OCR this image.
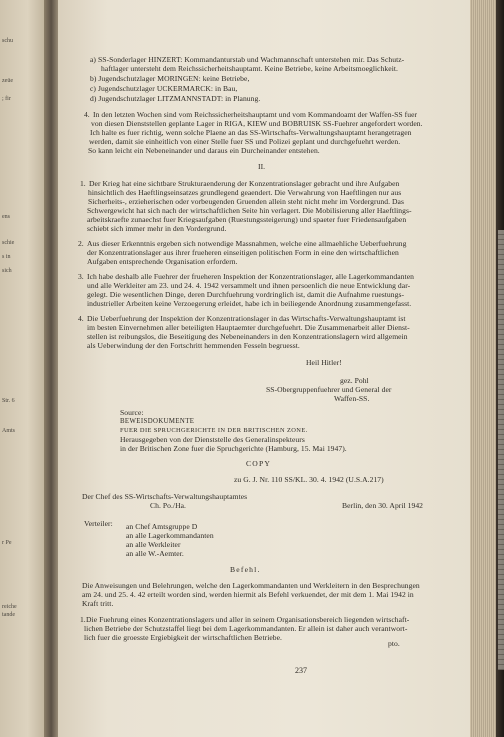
schu
zeüe
; fir
ens
schie
s in
sich
Str. 6
Amts
r Pe
reiche
tande
a) SS-Sonderlager HINZERT: Kommandanturstab und Wachmannschaft unterstehen mir. Das Schutz-
haftlager untersteht dem Reichssicherheitshauptamt. Keine Betriebe, keine Arbeitsmoeglichkeit.
b) Jugendschutzlager MORINGEN: keine Betriebe,
c) Jugendschutzlager UCKERMARCK: in Bau,
d) Jugendschutzlager LITZMANNSTADT: in Planung.
4. In den letzten Wochen sind vom Reichssicherheitshauptamt und vom Kommandoamt der Waffen-SS fuer
von diesen Dienststellen geplante Lager in RIGA, KIEW und BOBRUISK SS-Fuehrer angefordert worden.
Ich halte es fuer richtig, wenn solche Plaene an das SS-Wirtschafts-Verwaltungshauptamt herangetragen
werden, damit sie einheitlich von einer Stelle fuer SS und Polizei geplant und durchgefuehrt werden.
So kann leicht ein Nebeneinander und daraus ein Durcheinander entstehen.
II.
1. Der Krieg hat eine sichtbare Strukturaenderung der Konzentrationslager gebracht und ihre Aufgaben
hinsichtlich des Haeftlingseinsatzes grundlegend geaendert. Die Verwahrung von Haeftlingen nur aus
Sicherheits-, erzieherischen oder vorbeugenden Gruenden allein steht nicht mehr im Vordergrund. Das
Schwergewicht hat sich nach der wirtschaftlichen Seite hin verlagert. Die Mobilisierung aller Haeftlings-
arbeitskraefte zunaechst fuer Kriegsaufgaben (Ruestungssteigerung) und spaeter fuer Friedensaufgaben
schiebt sich immer mehr in den Vordergrund.
2. Aus dieser Erkenntnis ergeben sich notwendige Massnahmen, welche eine allmaehliche Ueberfuehrung
der Konzentrationslager aus ihrer frueheren einseitigen politischen Form in eine den wirtschaftlichen
Aufgaben entsprechende Organisation erfordern.
3. Ich habe deshalb alle Fuehrer der frueheren Inspektion der Konzentrationslager, alle Lagerkommandanten
und alle Werkleiter am 23. und 24. 4. 1942 versammelt und ihnen persoenlich die neue Entwicklung dar-
gelegt. Die wesentlichen Dinge, deren Durchfuehrung vordringlich ist, damit die Aufnahme ruestungs-
industrieller Arbeiten keine Verzoegerung erleidet, habe ich in beiliegende Anordnung zusammengefasst.
4. Die Ueberfuehrung der Inspektion der Konzentrationslager in das Wirtschafts-Verwaltungshauptamt ist
im besten Einvernehmen aller beteiligten Hauptaemter durchgefuehrt. Die Zusammenarbeit aller Dienst-
stellen ist reibungslos, die Beseitigung des Nebeneinanders in den Konzentrationslagern wird allgemein
als Ueberwindung der den Fortschritt hemmenden Fesseln begruesst.
Heil Hitler!
gez. Pohl
SS-Obergruppenfuehrer und General der
Waffen-SS.
Source:
BEWEISDOKUMENTE
FUER DIE SPRUCHGERICHTE IN DER BRITISCHEN ZONE.
Herausgegeben von der Dienststelle des Generalinspekteurs
in der Britischen Zone fuer die Spruchgerichte (Hamburg, 15. Mai 1947).
COPY
zu G. J. Nr. 110 SS/KL. 30. 4. 1942 (U.S.A.217)
Der Chef des SS-Wirtschafts-Verwaltungshauptamtes
Ch. Po./Ha.	Berlin, den 30. April 1942
Verteiler: an Chef Amtsgruppe D
an alle Lagerkommandanten
an alle Werkleiter
an alle W.-Aemter.
Befehl.
Die Anweisungen und Belehrungen, welche den Lagerkommandanten und Werkleitern in den Besprechungen
am 24. und 25. 4. 42 erteilt worden sind, werden hiermit als Befehl verkuendet, der mit dem 1. Mai 1942 in
Kraft tritt.
1. Die Fuehrung eines Konzentrationslagers und aller in seinem Organisationsbereich liegenden wirtschaft-
lichen Betriebe der Schutzstaffel liegt bei dem Lagerkommandanten. Er allein ist daher auch verantwort-
lich fuer die groesste Ergiebigkeit der wirtschaftlichen Betriebe.
pto.
237
